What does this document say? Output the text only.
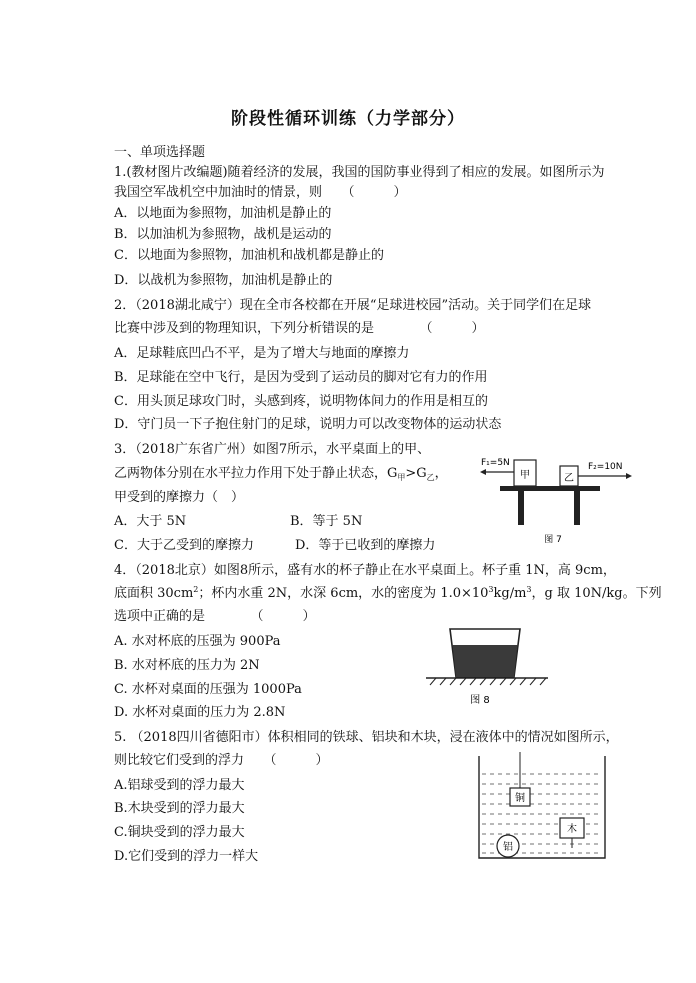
阶段性循环训练（力学部分）
一、单项选择题
1.(教材图片改编题)随着经济的发展，我国的国防事业得到了相应的发展。如图所示为
我国空军战机空中加油时的情景，则　　（　　　）
A．以地面为参照物，加油机是静止的
B．以加油机为参照物，战机是运动的
C．以地面为参照物，加油机和战机都是静止的
D．以战机为参照物，加油机是静止的
2．（2018湖北咸宁）现在全市各校都在开展“足球进校园”活动。关于同学们在足球
比赛中涉及到的物理知识，下列分析错误的是　　　　（　　　）
A．足球鞋底凹凸不平，是为了增大与地面的摩擦力
B．足球能在空中飞行，是因为受到了运动员的脚对它有力的作用
C．用头顶足球攻门时，头感到疼，说明物体间力的作用是相互的
D．守门员一下子抱住射门的足球，说明力可以改变物体的运动状态
3．（2018广东省广州）如图7所示，水平桌面上的甲、
乙两物体分别在水平拉力作用下处于静止状态，$G_甲>G_乙$，
甲受到的摩擦力（　）
A．大于 5N	B．等于 5N
C．大于乙受到的摩擦力	D．等于已收到的摩擦力
甲	乙
F₁=5N	F₂=10N
图 7
4．（2018北京）如图8所示，盛有水的杯子静止在水平桌面上。杯子重 1N，高 9cm，
底面积 $30cm^2$；杯内水重 2N，水深 6cm，水的密度为 $1.0\times 10^3kg/m^3$，g 取 10N/kg。下列
选项中正确的是　　　　（　　　）
A. 水对杯底的压强为 900Pa
B. 水对杯底的压力为 2N
C. 水杯对桌面的压强为 1000Pa
D. 水杯对桌面的压力为 2.8N
图 8
5. （2018四川省德阳市）体积相同的铁球、铝块和木块，浸在液体中的情况如图所示，
则比较它们受到的浮力　　（　　　）
A.铝球受到的浮力最大
B.木块受到的浮力最大
C.铜块受到的浮力最大
D.它们受到的浮力一样大
铜
木
铝
